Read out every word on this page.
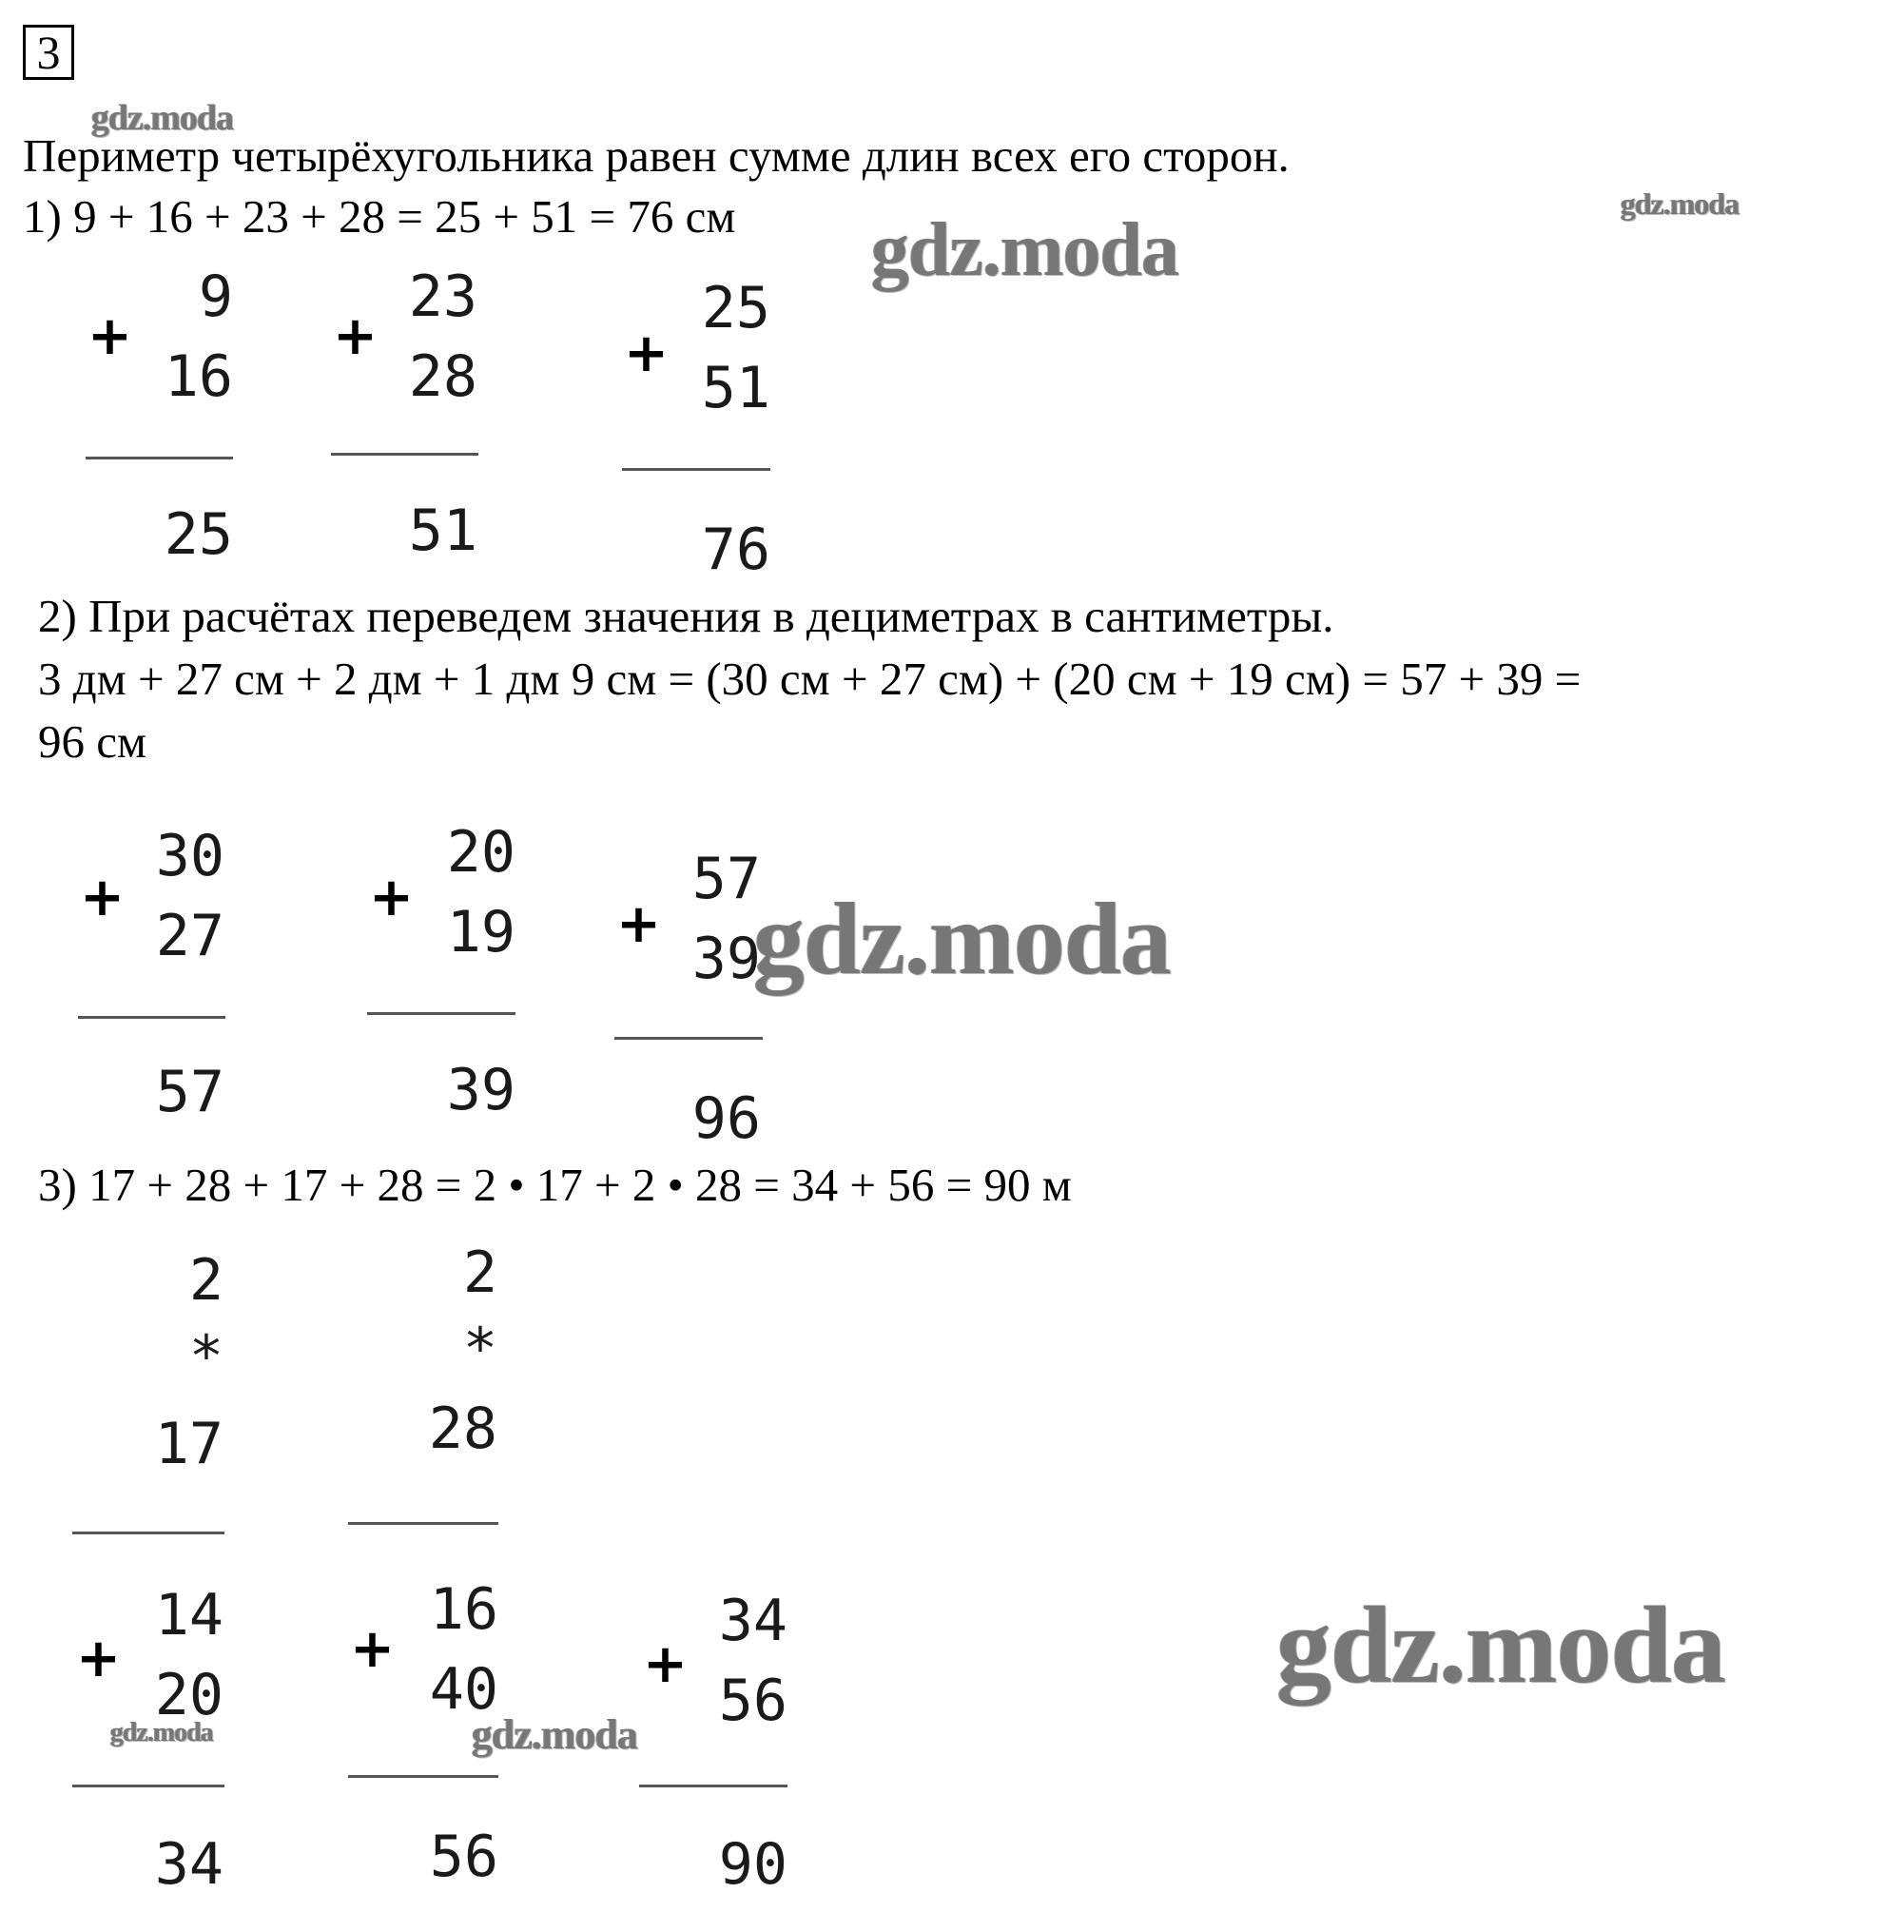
3
Периметр четырёхугольника равен сумме длин всех его сторон.
1) 9 + 16 + 23 + 28 = 25 + 51 = 76 см
+
9
16
25
+
23
28
51
+
25
51
76
2) При расчётах переведем значения в дециметрах в сантиметры.
3 дм + 27 см + 2 дм + 1 дм 9 см = (30 см + 27 см) + (20 см + 19 см) = 57 + 39 =
96 см
+
30
27
57
+
20
19
39
+
57
39
96
3) 17 + 28 + 17 + 28 = 2 • 17 + 2 • 28 = 34 + 56 = 90 м
2
*
17
2
*
28
+
14
20
34
+
16
40
56
+
34
56
90
gdz.moda
gdz.moda
gdz.moda
gdz.moda
gdz.moda
gdz.moda	gdz.moda
